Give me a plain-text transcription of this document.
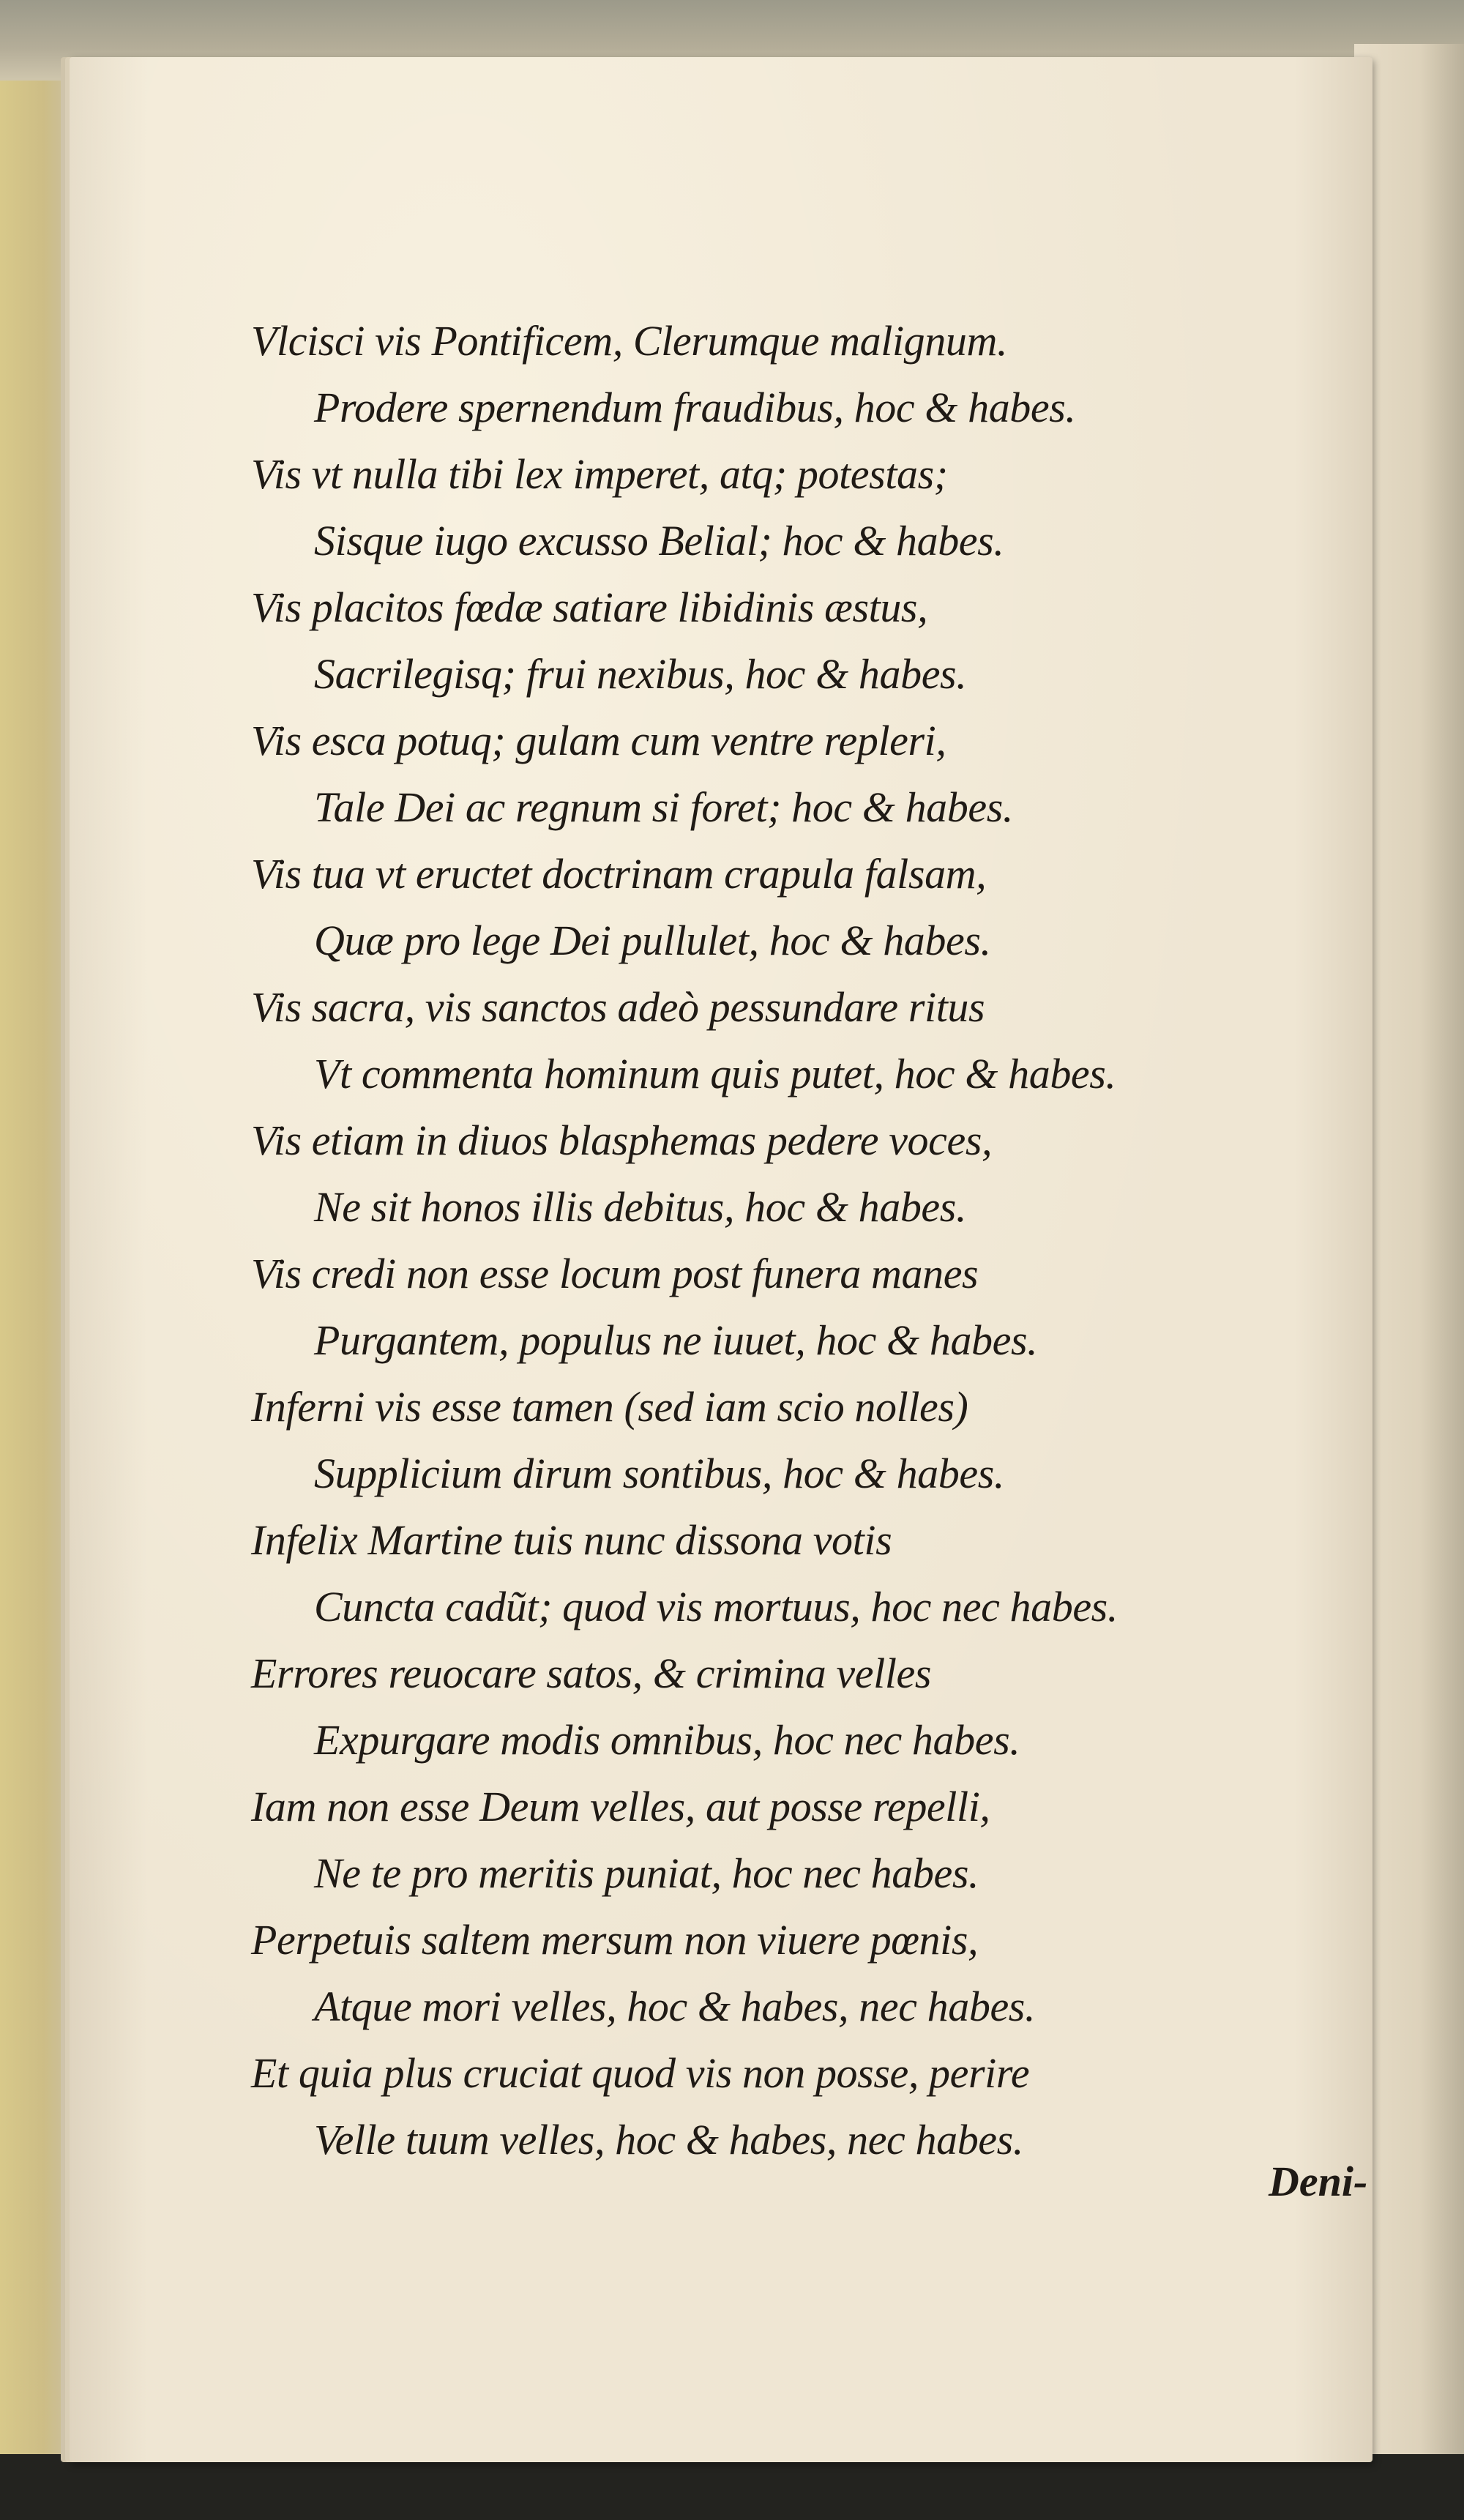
Vlcisci vis Pontificem, Clerumque malignum.
Prodere spernendum fraudibus, hoc & habes.
Vis vt nulla tibi lex imperet, atq; potestas;
Sisque iugo excusso Belial; hoc & habes.
Vis placitos fœdæ satiare libidinis æstus,
Sacrilegisq; frui nexibus, hoc & habes.
Vis esca potuq; gulam cum ventre repleri,
Tale Dei ac regnum si foret; hoc & habes.
Vis tua vt eructet doctrinam crapula falsam,
Quæ pro lege Dei pullulet, hoc & habes.
Vis sacra, vis sanctos adeò pessundare ritus
Vt commenta hominum quis putet, hoc & habes.
Vis etiam in diuos blasphemas pedere voces,
Ne sit honos illis debitus, hoc & habes.
Vis credi non esse locum post funera manes
Purgantem, populus ne iuuet, hoc & habes.
Inferni vis esse tamen (sed iam scio nolles)
Supplicium dirum sontibus, hoc & habes.
Infelix Martine tuis nunc dissona votis
Cuncta cadũt; quod vis mortuus, hoc nec habes.
Errores reuocare satos, & crimina velles
Expurgare modis omnibus, hoc nec habes.
Iam non esse Deum velles, aut posse repelli,
Ne te pro meritis puniat, hoc nec habes.
Perpetuis saltem mersum non viuere pœnis,
Atque mori velles, hoc & habes, nec habes.
Et quia plus cruciat quod vis non posse, perire
Velle tuum velles, hoc & habes, nec habes.
Deni-
